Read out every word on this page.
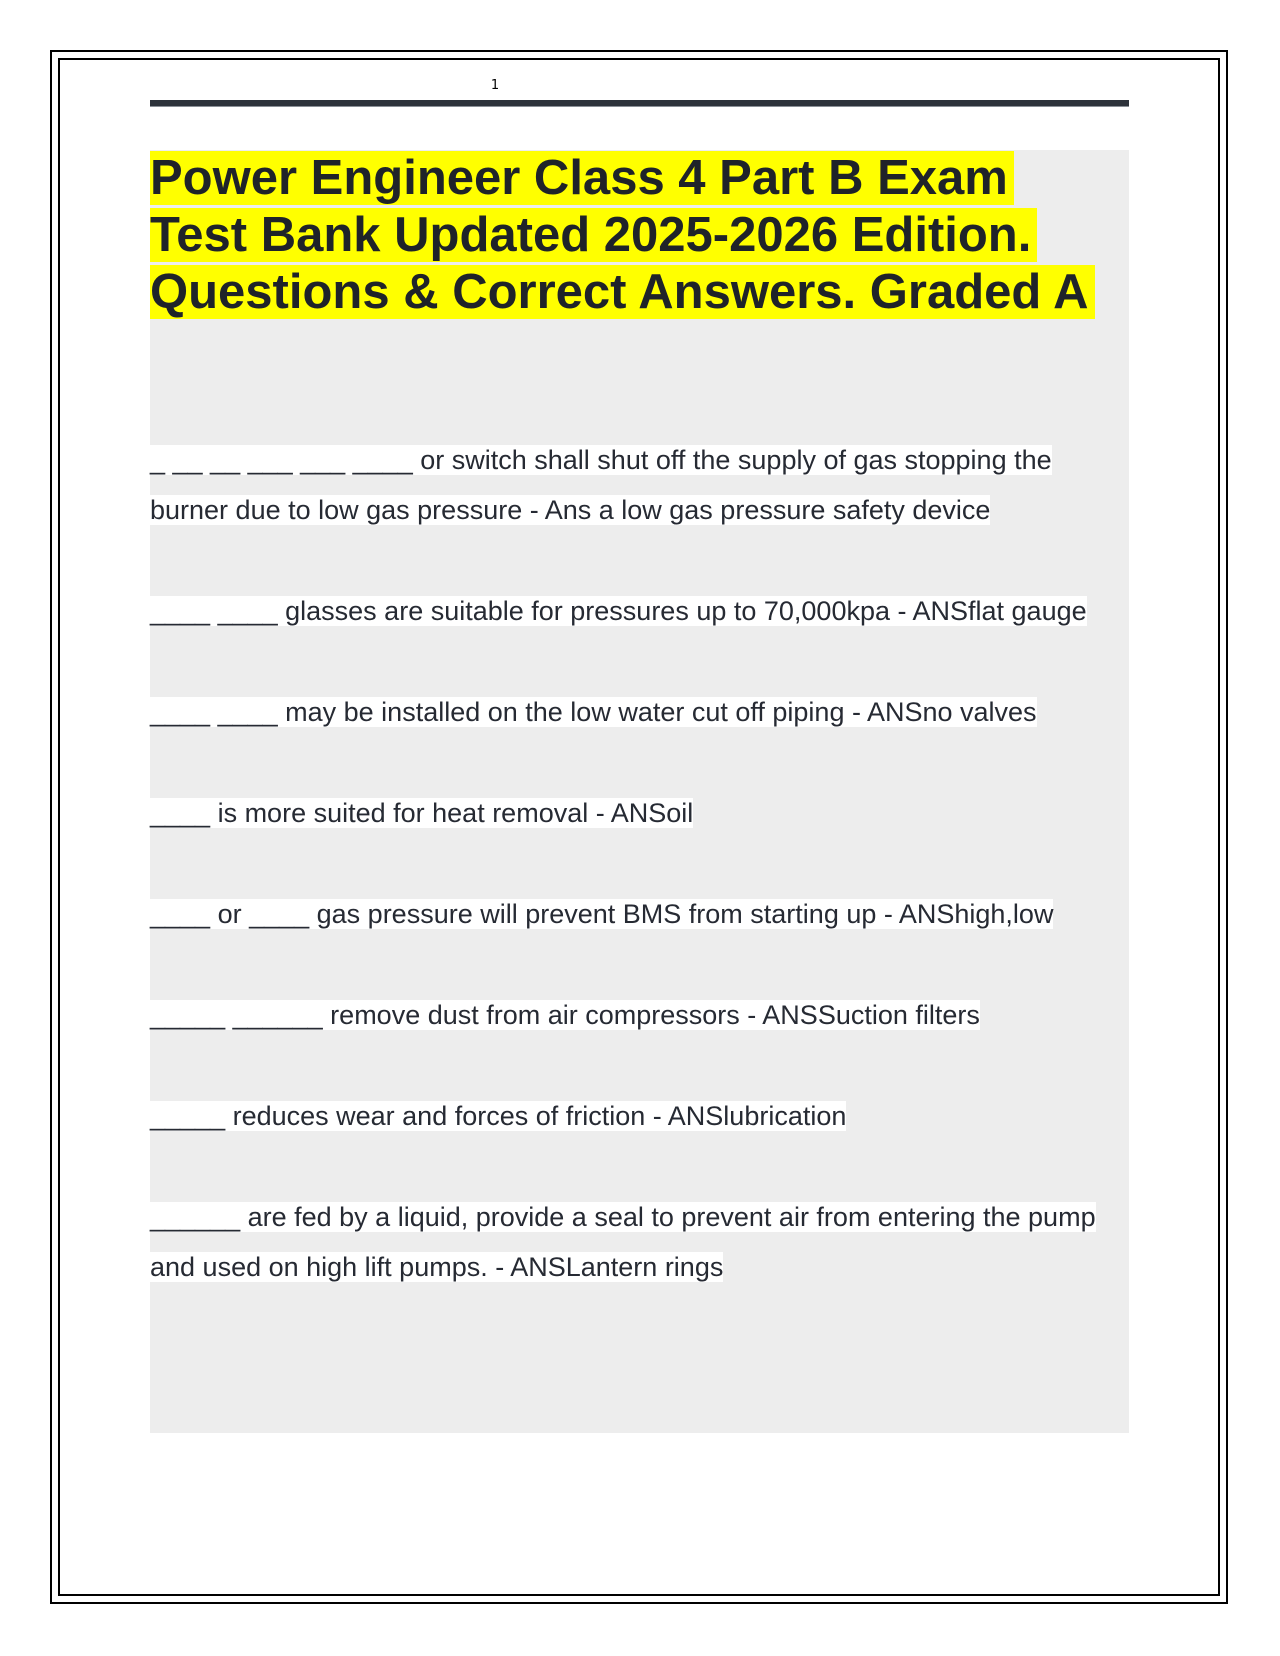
1
Power Engineer Class 4 Part B Exam
Test Bank Updated 2025-2026 Edition.
Questions & Correct Answers. Graded A

_ __ __ ___ ___ ____ or switch shall shut off the supply of gas stopping the burner due to low gas pressure - Ans a low gas pressure safety device

____ ____ glasses are suitable for pressures up to 70,000kpa - ANSflat gauge

____ ____ may be installed on the low water cut off piping - ANSno valves

____ is more suited for heat removal - ANSoil

____ or ____ gas pressure will prevent BMS from starting up - ANShigh,low

_____ ______ remove dust from air compressors - ANSSuction filters

_____ reduces wear and forces of friction - ANSlubrication

______ are fed by a liquid, provide a seal to prevent air from entering the pump and used on high lift pumps. - ANSLantern rings
